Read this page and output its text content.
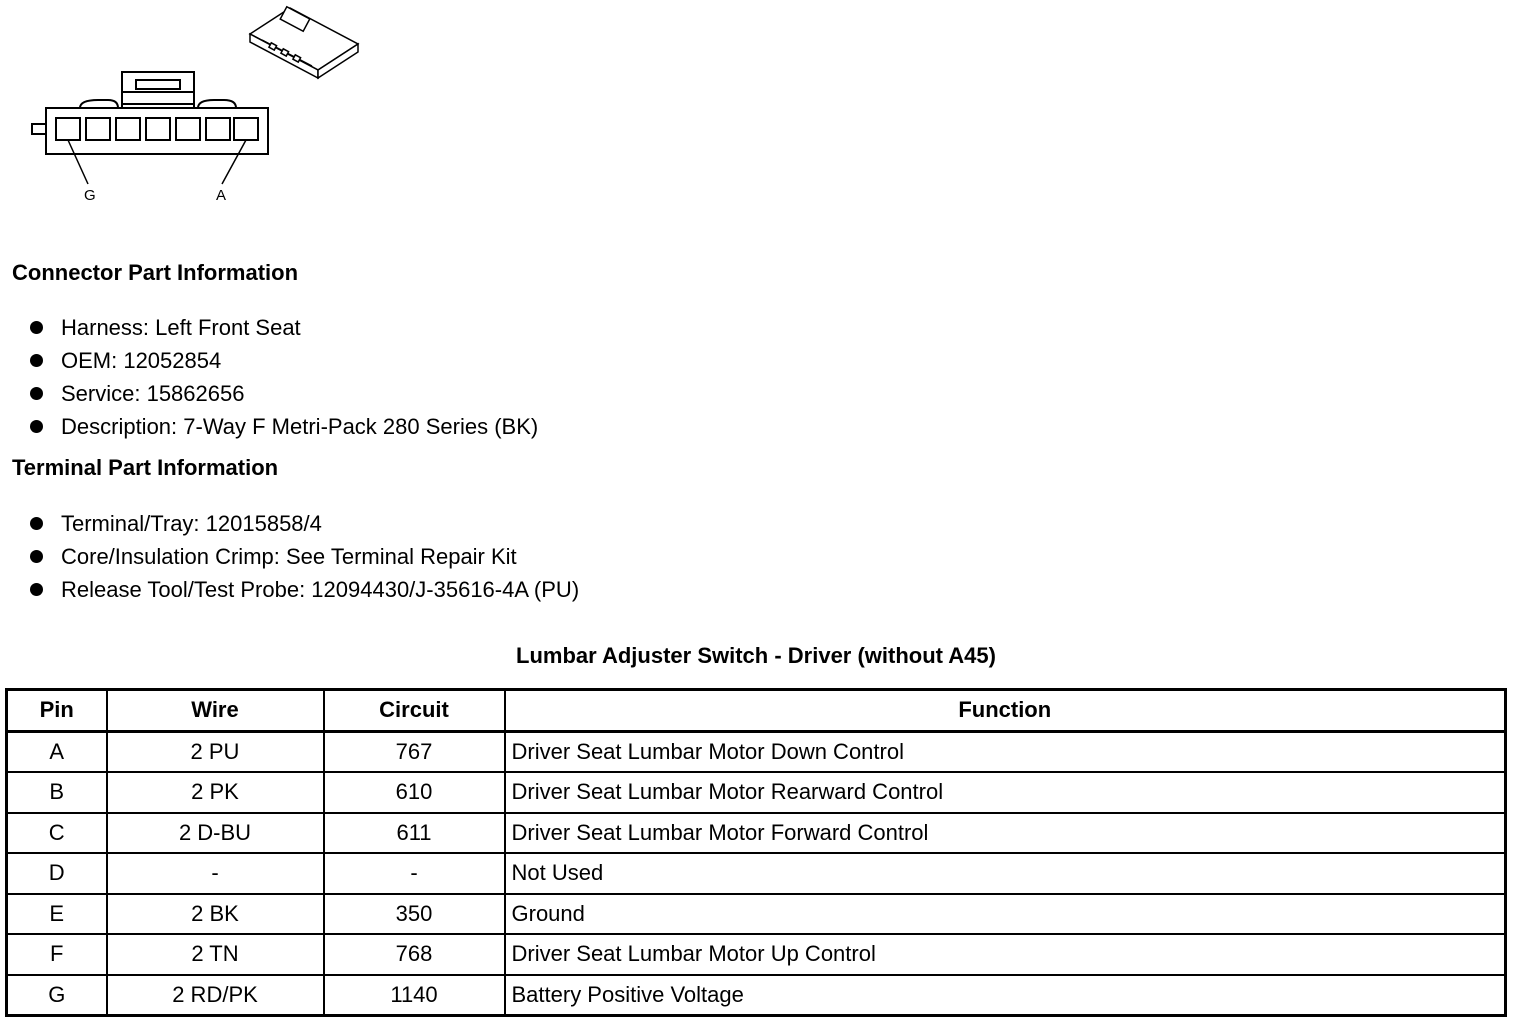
G	A
Connector Part Information
Harness: Left Front Seat
OEM: 12052854
Service: 15862656
Description: 7-Way F Metri-Pack 280 Series (BK)
Terminal Part Information
Terminal/Tray: 12015858/4
Core/Insulation Crimp: See Terminal Repair Kit
Release Tool/Test Probe: 12094430/J-35616-4A (PU)
Lumbar Adjuster Switch - Driver (without A45)
Pin	Wire	Circuit	Function
A	2 PU	767	Driver Seat Lumbar Motor Down Control
B	2 PK	610	Driver Seat Lumbar Motor Rearward Control
C	2 D-BU	611	Driver Seat Lumbar Motor Forward Control
D	-	-	Not Used
E	2 BK	350	Ground
F	2 TN	768	Driver Seat Lumbar Motor Up Control
G	2 RD/PK	1140	Battery Positive Voltage
